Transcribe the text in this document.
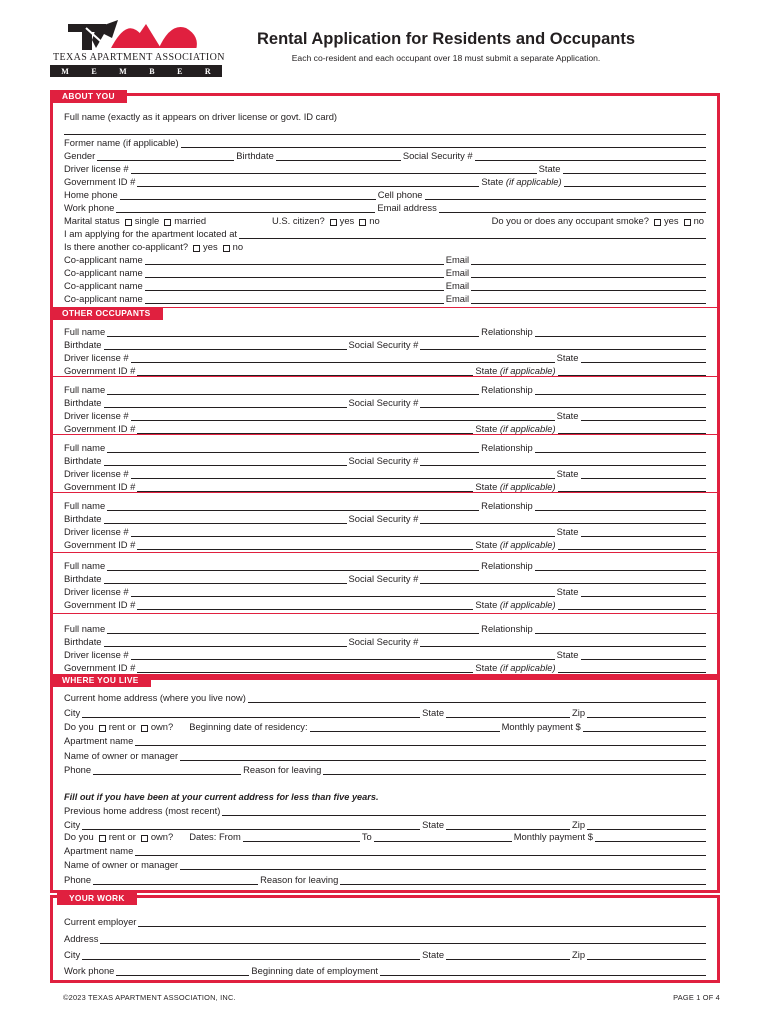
TEXAS APARTMENT ASSOCIATION
M	E	M	B	E	R
Rental Application for Residents and Occupants
Each co-resident and each occupant over 18 must submit a separate Application.
ABOUT YOU
Full name (exactly as it appears on driver license or govt. ID card)
Former name (if applicable)
Gender	Birthdate	Social Security #
Driver license #	State
Government ID #	State (if applicable)
Home phone	Cell phone
Work phone	Email address
Marital status single married	U.S. citizen? yes no	Do you or does any occupant smoke? yes no
I am applying for the apartment located at
Is there another co-applicant? yes no
Co-applicant name	Email
Co-applicant name	Email
Co-applicant name	Email
Co-applicant name	Email
OTHER OCCUPANTS
Full name	Relationship
Birthdate	Social Security #
Driver license #	State
Government ID #	State (if applicable)
Full name	Relationship
Birthdate	Social Security #
Driver license #	State
Government ID #	State (if applicable)
Full name	Relationship
Birthdate	Social Security #
Driver license #	State
Government ID #	State (if applicable)
Full name	Relationship
Birthdate	Social Security #
Driver license #	State
Government ID #	State (if applicable)
Full name	Relationship
Birthdate	Social Security #
Driver license #	State
Government ID #	State (if applicable)
Full name	Relationship
Birthdate	Social Security #
Driver license #	State
Government ID #	State (if applicable)
WHERE YOU LIVE
Current home address (where you live now)
City	State	Zip
Do you rent or own? Beginning date of residency:	Monthly payment $
Apartment name
Name of owner or manager
Phone	Reason for leaving
Fill out if you have been at your current address for less than five years.
Previous home address (most recent)
City	State	Zip
Do you rent or own? Dates: From	To	Monthly payment $
Apartment name
Name of owner or manager
Phone	Reason for leaving
YOUR WORK
Current employer
Address
City	State	Zip
Work phone	Beginning date of employment
©2023 TEXAS APARTMENT ASSOCIATION, INC.	PAGE 1 OF 4
